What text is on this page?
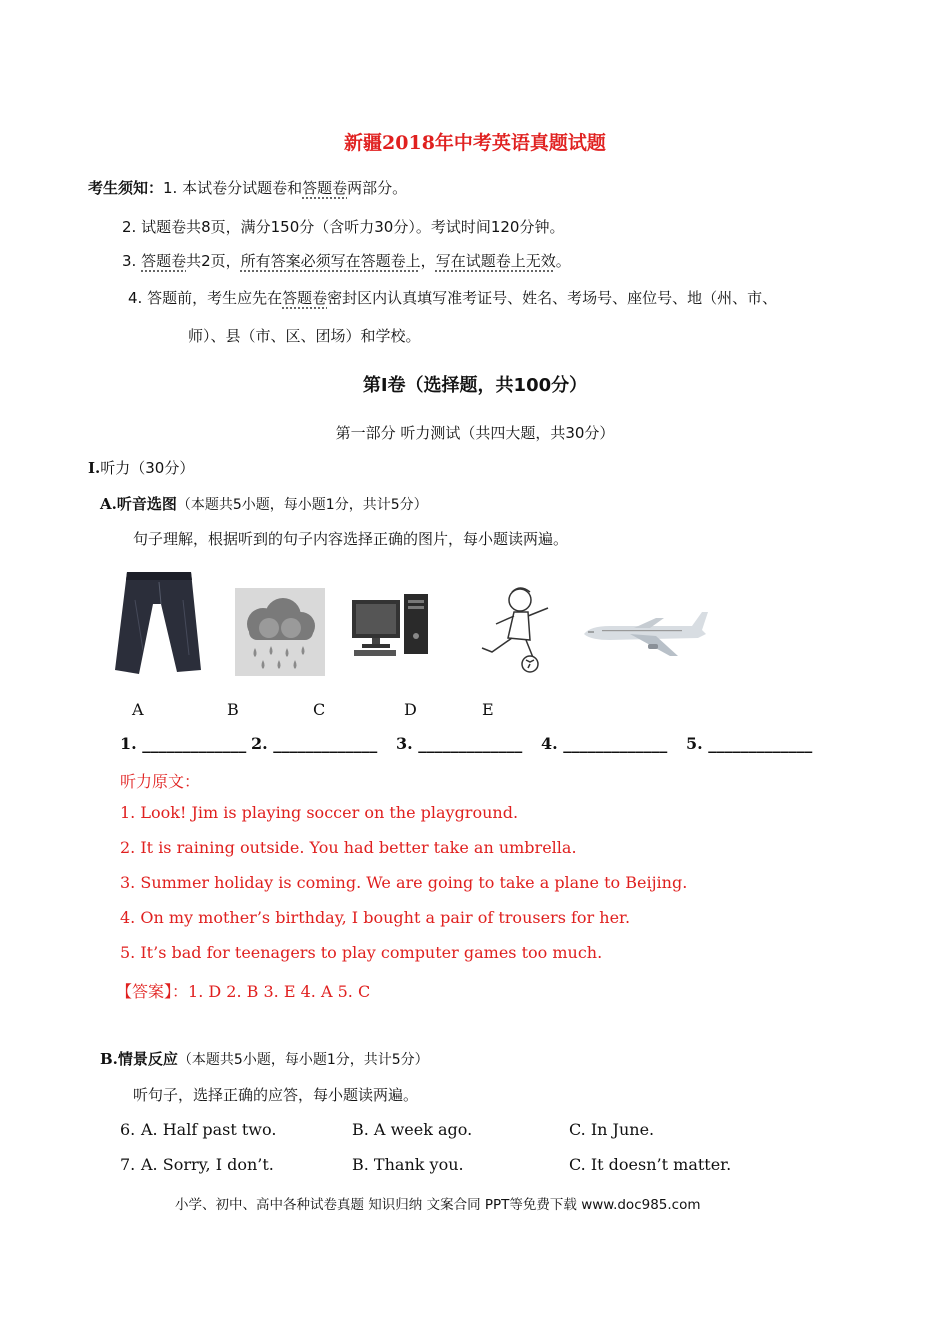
新疆2018年中考英语真题试题
考生须知：1. 本试卷分试题卷和答题卷两部分。
2. 试题卷共8页，满分150分（含听力30分）。考试时间120分钟。
3. 答题卷共2页，所有答案必须写在答题卷上，写在试题卷上无效。
4. 答题前，考生应先在答题卷密封区内认真填写准考证号、姓名、考场号、座位号、地（州、市、
师）、县（市、区、团场）和学校。
第Ⅰ卷（选择题，共100分）
第一部分 听力测试（共四大题，共30分）
I.听力（30分）
A.听音选图（本题共5小题，每小题1分，共计5分）
句子理解，根据听到的句子内容选择正确的图片，每小题读两遍。
A	B	C	D	E
1. _____________ 2. _____________ 3. _____________ 4. _____________ 5. _____________
听力原文：
1. Look! Jim is playing soccer on the playground.
2. It is raining outside. You had better take an umbrella.
3. Summer holiday is coming. We are going to take a plane to Beijing.
4. On my mother’s birthday, I bought a pair of trousers for her.
5. It’s bad for teenagers to play computer games too much.
【答案】：1. D 2. B 3. E 4. A 5. C
B.情景反应（本题共5小题，每小题1分，共计5分）
听句子，选择正确的应答，每小题读两遍。
6. A. Half past two.	B. A week ago.	C. In June.
7. A. Sorry, I don’t.	B. Thank you.	C. It doesn’t matter.
小学、初中、高中各种试卷真题 知识归纳 文案合同 PPT等免费下载 www.doc985.com
